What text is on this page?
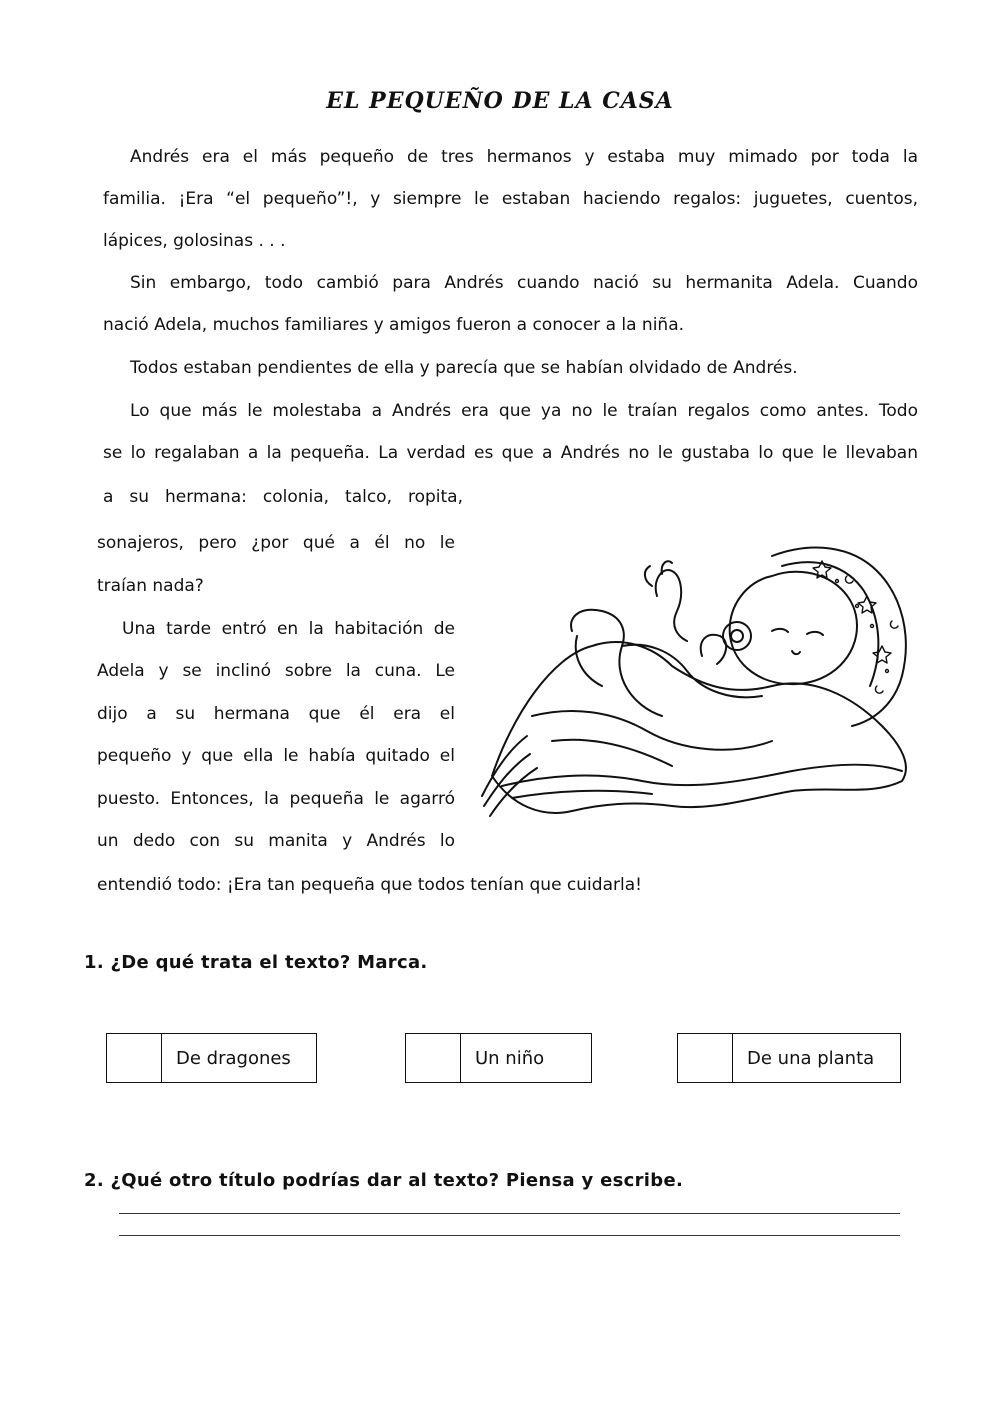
EL PEQUEÑO DE LA CASA
Andrés era el más pequeño de tres hermanos y estaba muy mimado por toda la
familia. ¡Era “el pequeño”!, y siempre le estaban haciendo regalos: juguetes, cuentos,
lápices, golosinas . . .
Sin embargo, todo cambió para Andrés cuando nació su hermanita Adela. Cuando
nació Adela, muchos familiares y amigos fueron a conocer a la niña.
Todos estaban pendientes de ella y parecía que se habían olvidado de Andrés.
Lo que más le molestaba a Andrés era que ya no le traían regalos como antes. Todo
se lo regalaban a la pequeña. La verdad es que a Andrés no le gustaba lo que le llevaban
a su hermana: colonia, talco, ropita,
sonajeros, pero ¿por qué a él no le
traían nada?
Una tarde entró en la habitación de
Adela y se inclinó sobre la cuna. Le
dijo a su hermana que él era el
pequeño y que ella le había quitado el
puesto. Entonces, la pequeña le agarró
un dedo con su manita y Andrés lo
entendió todo: ¡Era tan pequeña que todos tenían que cuidarla!
1. ¿De qué trata el texto? Marca.
De dragones	Un niño	De una planta
2. ¿Qué otro título podrías dar al texto? Piensa y escribe.
